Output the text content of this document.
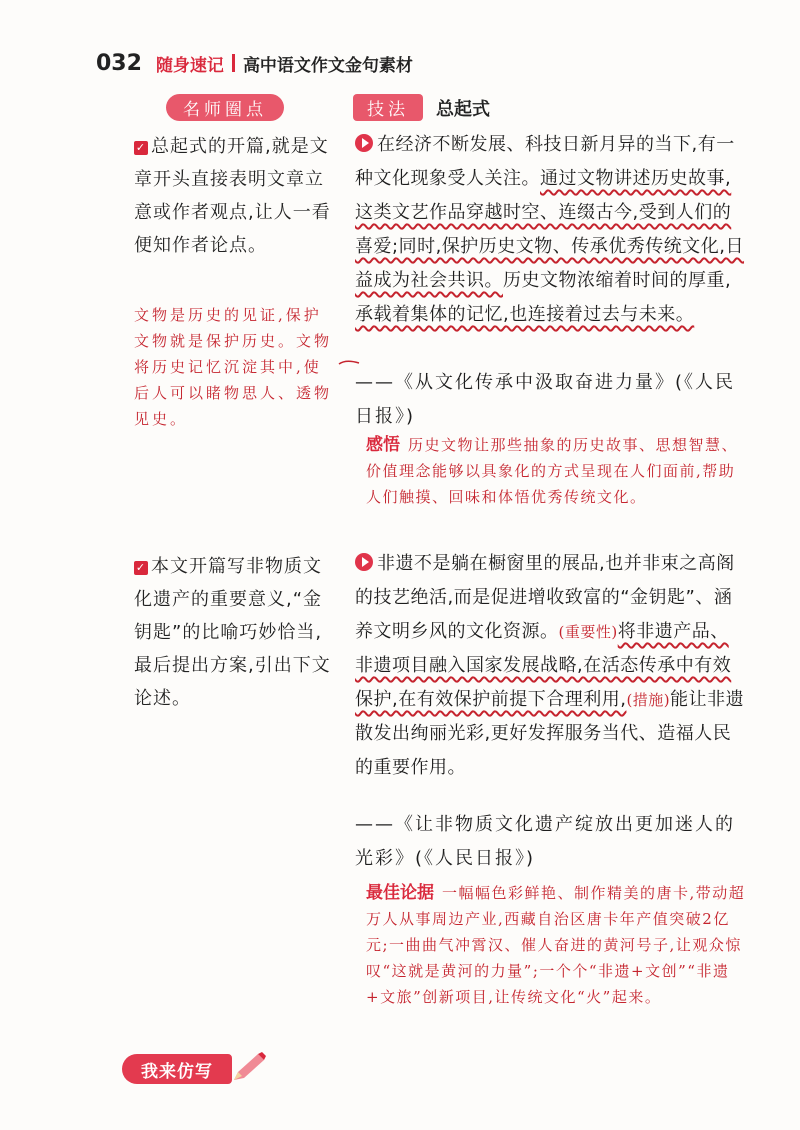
032 随身速记 高中语文作文金句素材
名师圈点	技法	总起式
✓ 总起式的开篇,就是文章开头直接表明文章立意或作者观点,让人一看便知作者论点。
文物是历史的见证,保护文物就是保护历史。文物将历史记忆沉淀其中,使后人可以睹物思人、透物见史。
✓ 本文开篇写非物质文化遗产的重要意义,“金钥匙”的比喻巧妙恰当,最后提出方案,引出下文论述。
在经济不断发展、科技日新月异的当下,有一种文化现象受人关注。通过文物讲述历史故事,这类文艺作品穿越时空、连缀古今,受到人们的喜爱;同时,保护历史文物、传承优秀传统文化,日益成为社会共识。历史文物浓缩着时间的厚重,承载着集体的记忆,也连接着过去与未来。
——《从文化传承中汲取奋进力量》(《人民日报》)
感悟 历史文物让那些抽象的历史故事、思想智慧、价值理念能够以具象化的方式呈现在人们面前,帮助人们触摸、回味和体悟优秀传统文化。
非遗不是躺在橱窗里的展品,也并非束之高阁的技艺绝活,而是促进增收致富的“金钥匙”、涵养文明乡风的文化资源。(重要性)将非遗产品、非遗项目融入国家发展战略,在活态传承中有效保护,在有效保护前提下合理利用,(措施)能让非遗散发出绚丽光彩,更好发挥服务当代、造福人民的重要作用。
——《让非物质文化遗产绽放出更加迷人的光彩》(《人民日报》)
最佳论据 一幅幅色彩鲜艳、制作精美的唐卡,带动超万人从事周边产业,西藏自治区唐卡年产值突破2亿元;一曲曲气冲霄汉、催人奋进的黄河号子,让观众惊叹“这就是黄河的力量”;一个个“非遗+文创”“非遗+文旅”创新项目,让传统文化“火”起来。
我来仿写
